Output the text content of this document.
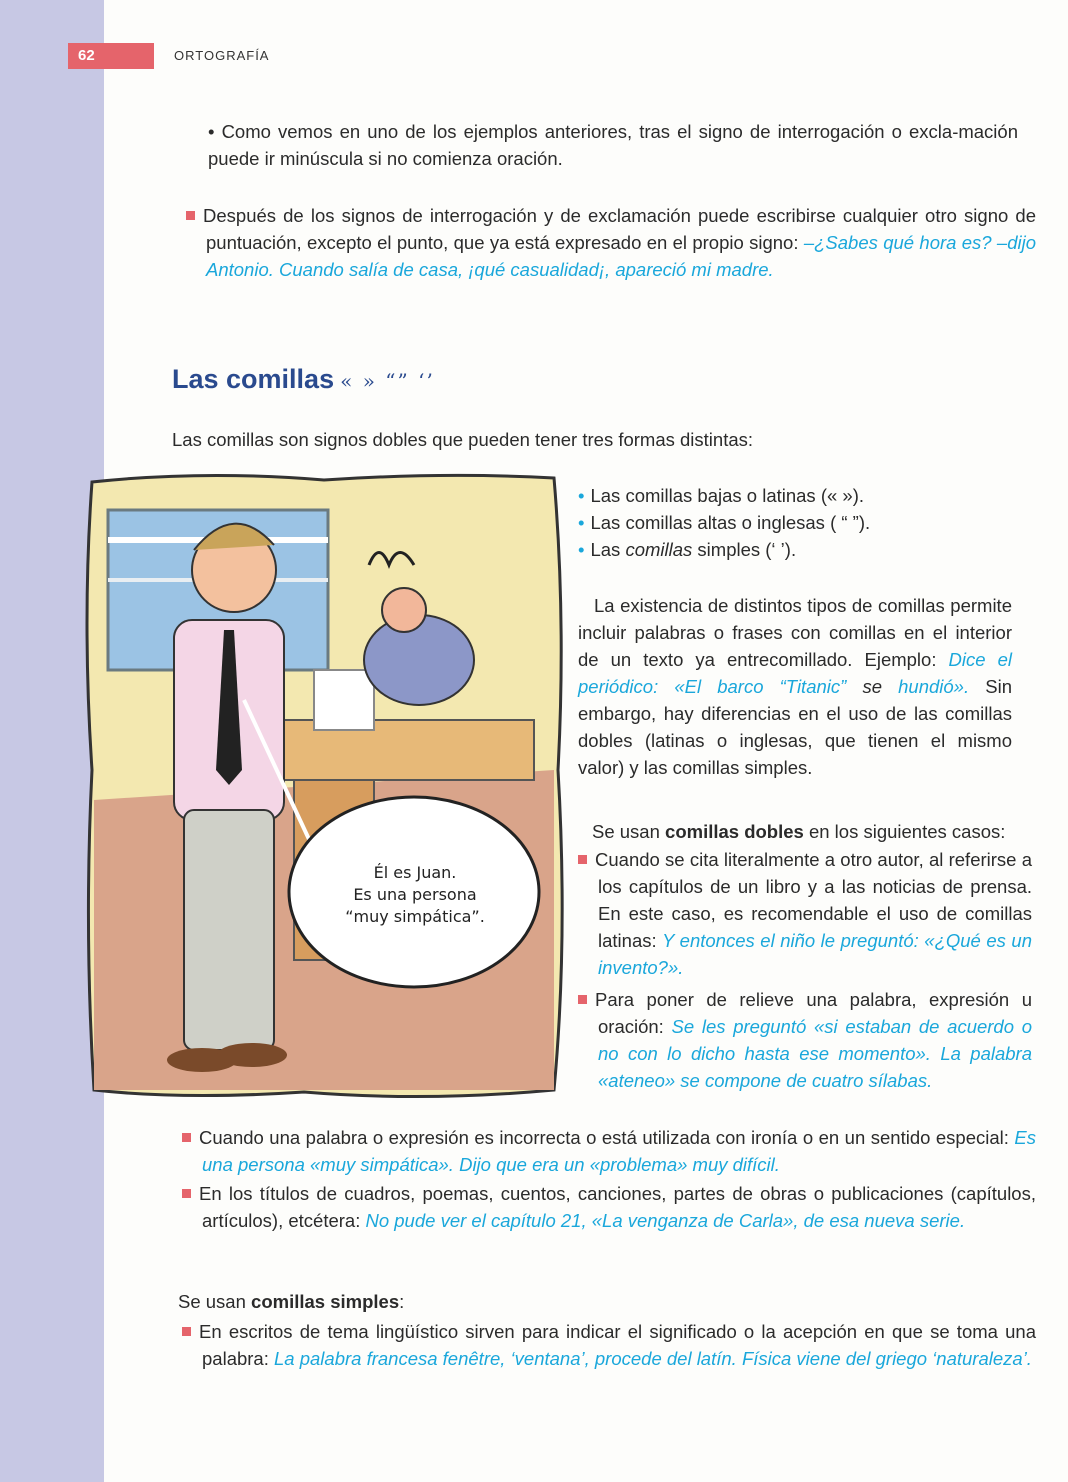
62	ORTOGRAFÍA
• Como vemos en uno de los ejemplos anteriores, tras el signo de interrogación o excla-mación puede ir minúscula si no comienza oración.
Después de los signos de interrogación y de exclamación puede escribirse cualquier otro signo de puntuación, excepto el punto, que ya está expresado en el propio signo: –¿Sabes qué hora es? –dijo Antonio. Cuando salía de casa, ¡qué casualidad¡, apareció mi madre.
Las comillas « » “” ‘’
Las comillas son signos dobles que pueden tener tres formas distintas:
Él es Juan.
Es una persona
“muy simpática”.
• Las comillas bajas o latinas (« »).
• Las comillas altas o inglesas ( “ ”).
• Las comillas simples (‘ ’).
La existencia de distintos tipos de comillas permite incluir palabras o frases con comillas en el interior de un texto ya entrecomillado. Ejemplo: Dice el periódico: «El barco “Titanic” se hundió». Sin embargo, hay diferencias en el uso de las comillas dobles (latinas o inglesas, que tienen el mismo valor) y las comillas simples.
Se usan comillas dobles en los siguientes casos:
Cuando se cita literalmente a otro autor, al referirse a los capítulos de un libro y a las noticias de prensa. En este caso, es recomendable el uso de comillas latinas: Y entonces el niño le preguntó: «¿Qué es un invento?».
Para poner de relieve una palabra, expresión u oración: Se les preguntó «si estaban de acuerdo o no con lo dicho hasta ese momento». La palabra «ateneo» se compone de cuatro sílabas.
Cuando una palabra o expresión es incorrecta o está utilizada con ironía o en un sentido especial: Es una persona «muy simpática». Dijo que era un «problema» muy difícil.
En los títulos de cuadros, poemas, cuentos, canciones, partes de obras o publicaciones (capítulos, artículos), etcétera: No pude ver el capítulo 21, «La venganza de Carla», de esa nueva serie.
Se usan comillas simples:
En escritos de tema lingüístico sirven para indicar el significado o la acepción en que se toma una palabra: La palabra francesa fenêtre, ‘ventana’, procede del latín. Física viene del griego ‘naturaleza’.
